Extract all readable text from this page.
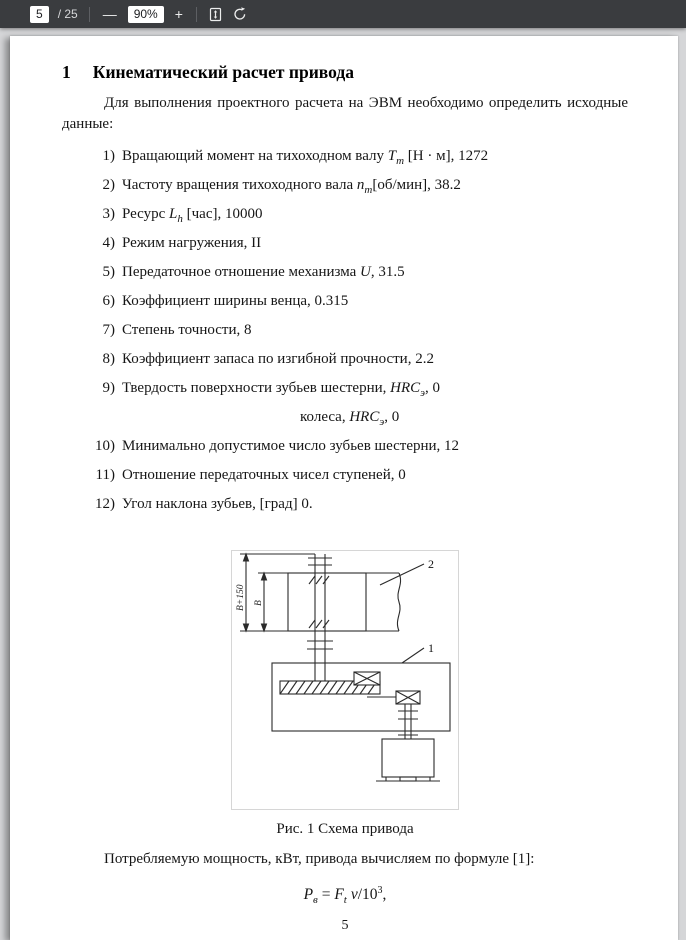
5	/ 25 —	90%	+
1 Кинематический расчет привода

Для выполнения проектного расчета на ЭВМ необходимо определить исходные данные:

1) Вращающий момент на тихоходном валу $T_т$ [Н · м], 1272
2) Частоту вращения тихоходного вала $n_т[об/мин]$, 38.2
3) Ресурс $L_h$ [час], 10000
4) Режим нагружения, II
5) Передаточное отношение механизма U, 31.5
6) Коэффициент ширины венца, 0.315
7) Степень точности, 8
8) Коэффициент запаса по изгибной прочности, 2.2
9) Твердость поверхности зубьев шестерни, $HRC_э$, 0
колеса, $HRC_э$, 0
10) Минимально допустимое число зубьев шестерни, 12
11) Отношение передаточных чисел ступеней, 0
12) Угол наклона зубьев, [град] 0.
B+150 B
2
1
Рис. 1 Схема привода

Потребляемую мощность, кВт, привода вычисляем по формуле [1]:

$P_в = F_t$ $v/10^3$,
5
